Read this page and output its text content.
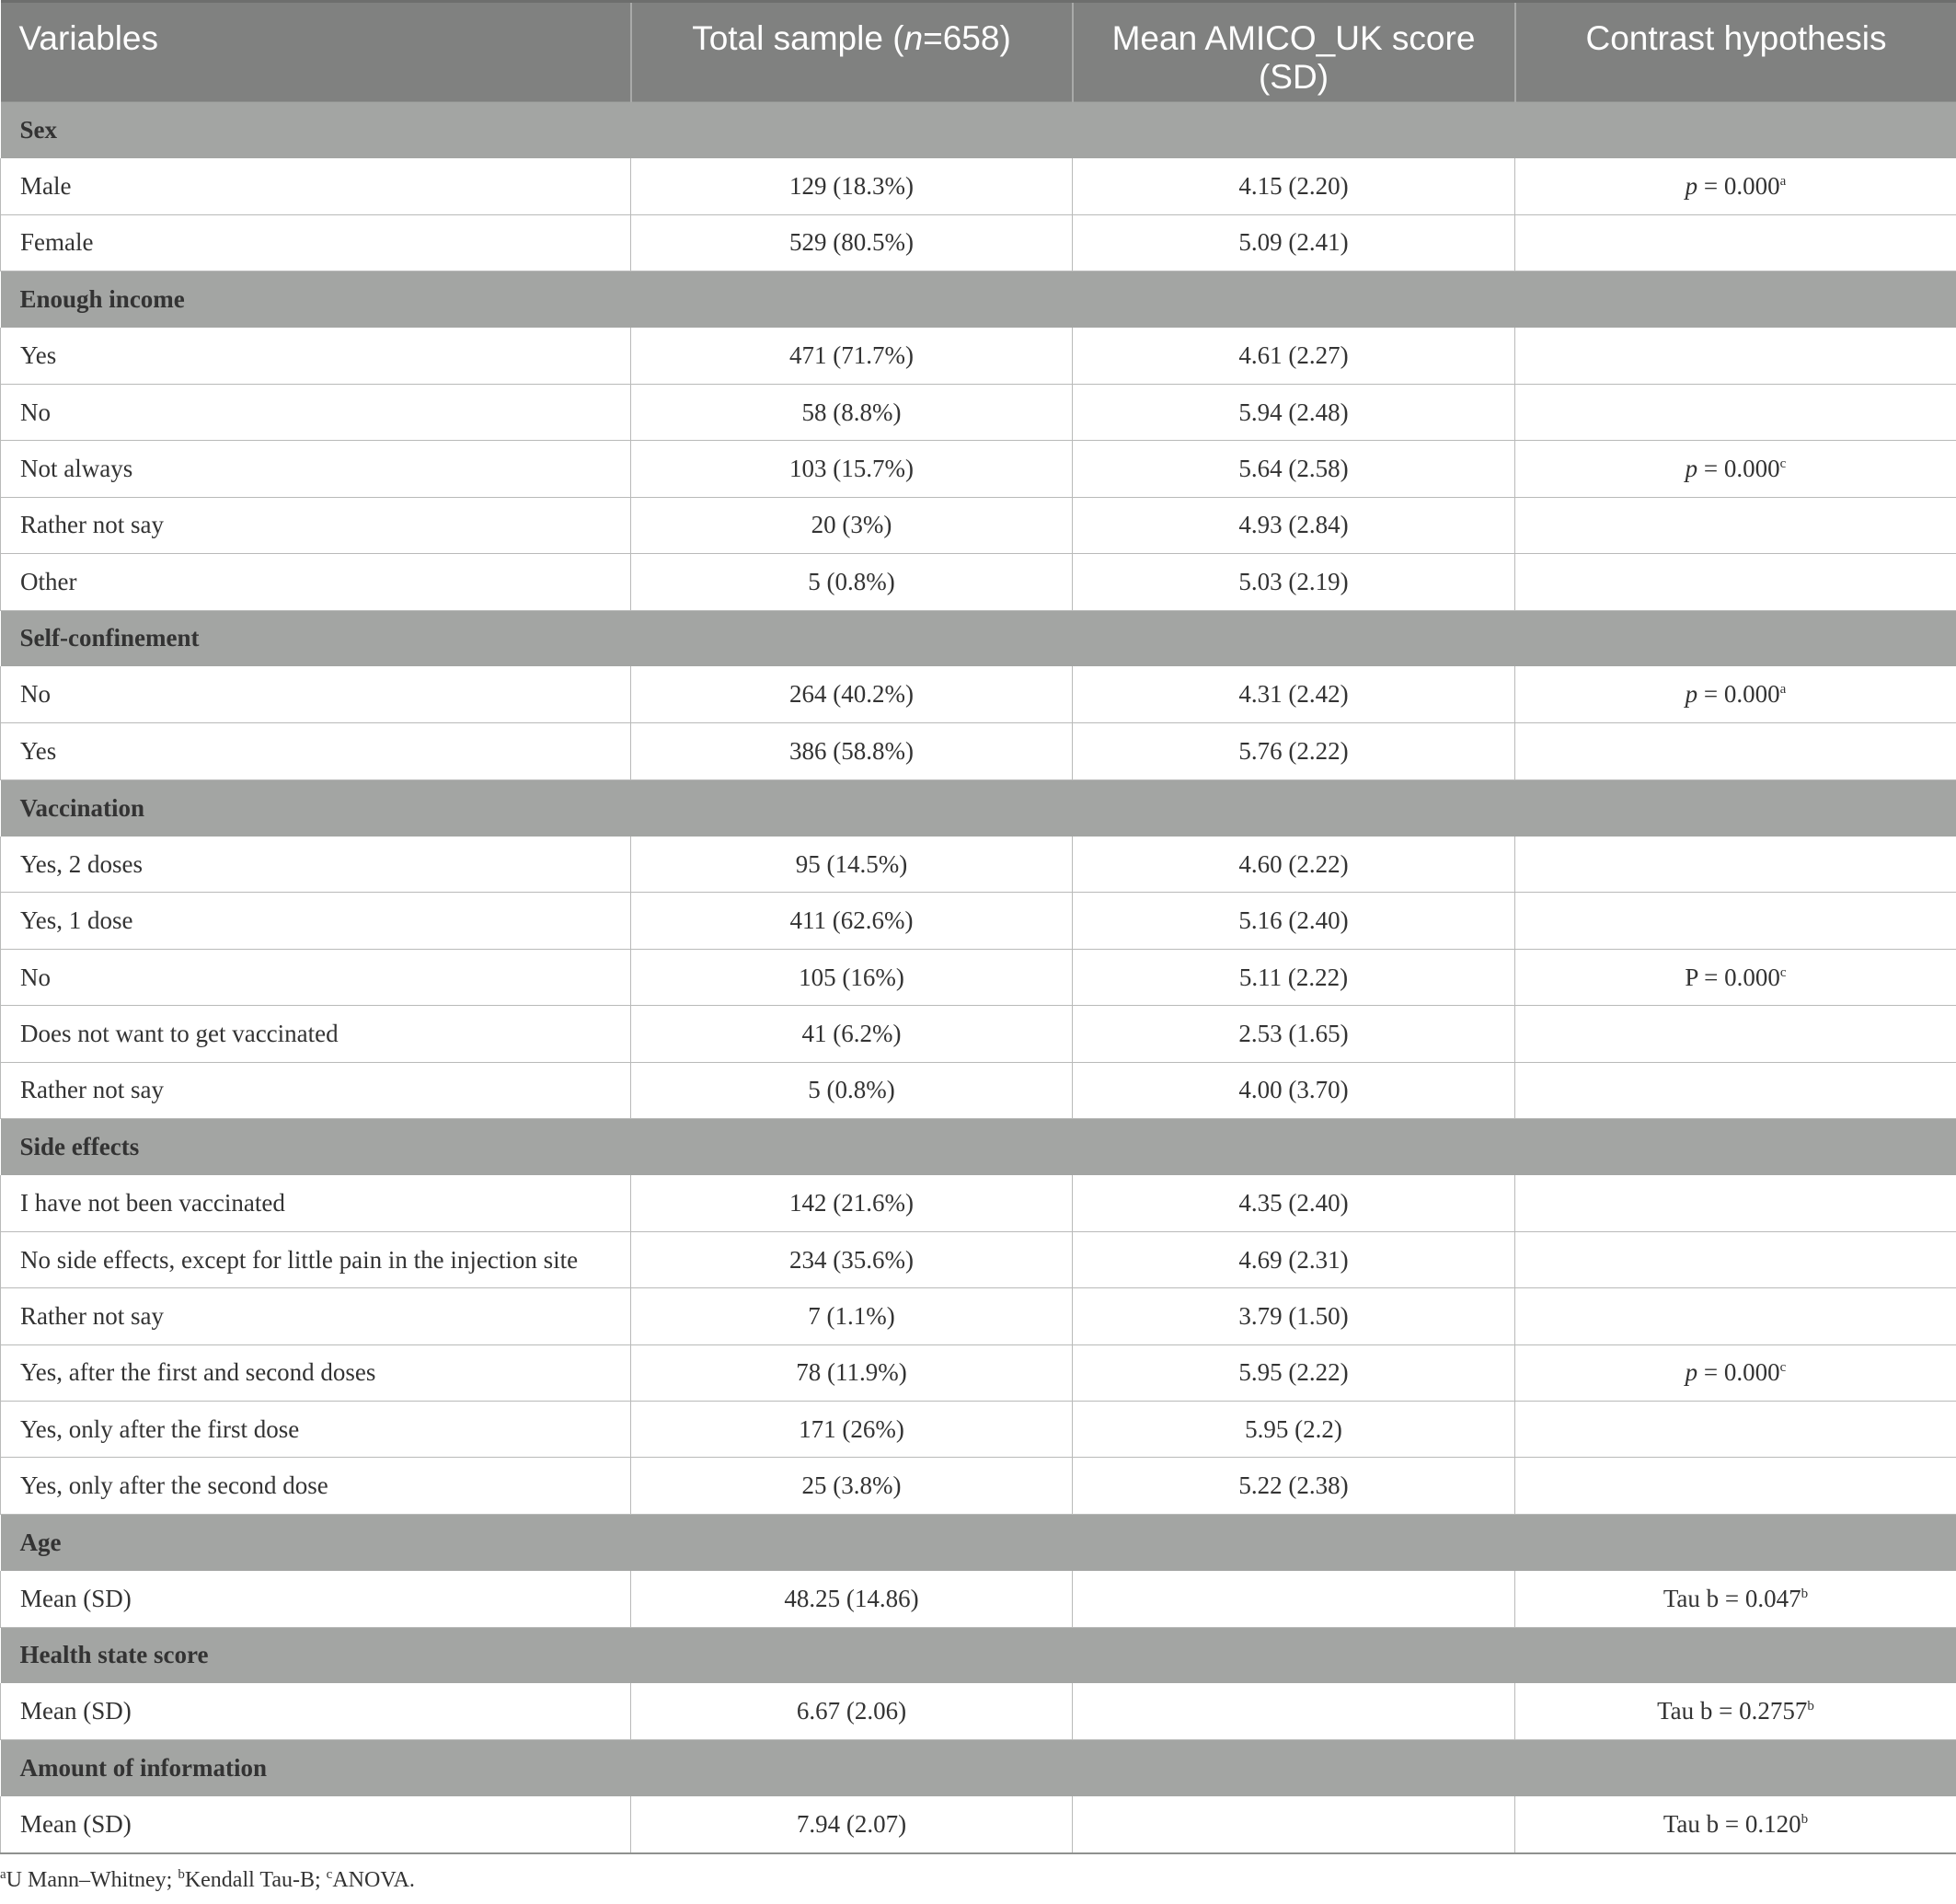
Variables	Total sample (n=658)	Mean AMICO_UK score (SD)	Contrast hypothesis
Sex			
Male	129 (18.3%)	4.15 (2.20)	p = 0.000$^a$
Female	529 (80.5%)	5.09 (2.41)	
Enough income			
Yes	471 (71.7%)	4.61 (2.27)	
No	58 (8.8%)	5.94 (2.48)	
Not always	103 (15.7%)	5.64 (2.58)	p = 0.000$^c$
Rather not say	20 (3%)	4.93 (2.84)	
Other	5 (0.8%)	5.03 (2.19)	
Self-confinement			
No	264 (40.2%)	4.31 (2.42)	p = 0.000$^a$
Yes	386 (58.8%)	5.76 (2.22)	
Vaccination			
Yes, 2 doses	95 (14.5%)	4.60 (2.22)	
Yes, 1 dose	411 (62.6%)	5.16 (2.40)	
No	105 (16%)	5.11 (2.22)	P = 0.000$^c$
Does not want to get vaccinated	41 (6.2%)	2.53 (1.65)	
Rather not say	5 (0.8%)	4.00 (3.70)	
Side effects			
I have not been vaccinated	142 (21.6%)	4.35 (2.40)	
No side effects, except for little pain in the injection site	234 (35.6%)	4.69 (2.31)	
Rather not say	7 (1.1%)	3.79 (1.50)	
Yes, after the first and second doses	78 (11.9%)	5.95 (2.22)	p = 0.000$^c$
Yes, only after the first dose	171 (26%)	5.95 (2.2)	
Yes, only after the second dose	25 (3.8%)	5.22 (2.38)	
Age			
Mean (SD)	48.25 (14.86)		Tau b = 0.047$^b$
Health state score			
Mean (SD)	6.67 (2.06)		Tau b = 0.2757$^b$
Amount of information			
Mean (SD)	7.94 (2.07)		Tau b = 0.120$^b$
$^a$U Mann–Whitney; $^b$Kendall Tau-B; $^c$ANOVA.
